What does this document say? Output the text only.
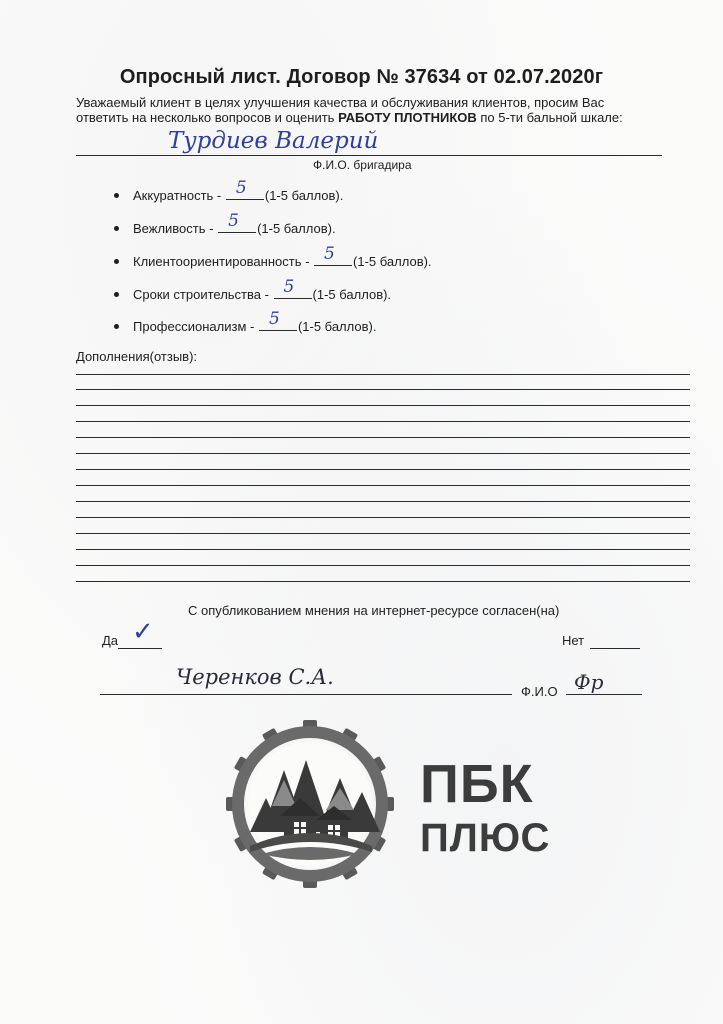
Опросный лист. Договор № 37634 от 02.07.2020г
Уважаемый клиент в целях улучшения качества и обслуживания клиентов, просим Вас
ответить на несколько вопросов и оценить РАБОТУ ПЛОТНИКОВ по 5-ти бальной шкале:
Турдиев Валерий
Ф.И.О. бригадира
Аккуратность - 5 (1-5 баллов).
Вежливость - 5 (1-5 баллов).
Клиентоориентированность - 5 (1-5 баллов).
Сроки строительства - 5 (1-5 баллов).
Профессионализм - 5 (1-5 баллов).
Дополнения(отзыв):
С опубликованием мнения на интернет-ресурсе согласен(на)
Да ✓	Нет
Черенков С.А.
Ф.И.О Фр
ПБК
ПЛЮС
